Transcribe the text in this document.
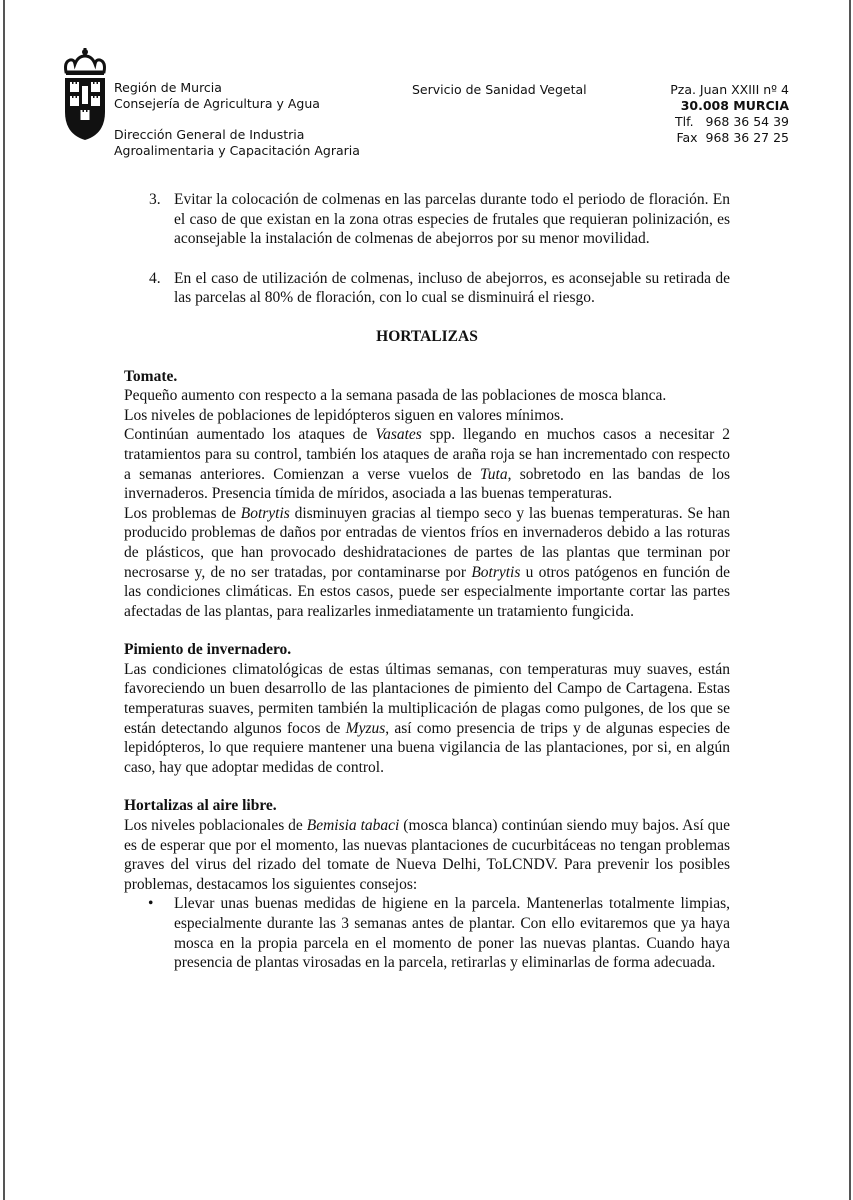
Región de Murcia
Consejería de Agricultura y Agua
Dirección General de Industria
Agroalimentaria y Capacitación Agraria
Servicio de Sanidad Vegetal	Pza. Juan XXIII nº 4
30.008 MURCIA
Tlf.   968 36 54 39
Fax  968 36 27 25
3. Evitar la colocación de colmenas en las parcelas durante todo el periodo de floración. En el caso de que existan en la zona otras especies de frutales que requieran polinización, es aconsejable la instalación de colmenas de abejorros por su menor movilidad.
4. En el caso de utilización de colmenas, incluso de abejorros, es aconsejable su retirada de las parcelas al 80% de floración, con lo cual se disminuirá el riesgo.
HORTALIZAS
Tomate.

Pequeño aumento con respecto a la semana pasada de las poblaciones de mosca blanca.

Los niveles de poblaciones de lepidópteros siguen en valores mínimos.

Continúan aumentado los ataques de Vasates spp. llegando en muchos casos a necesitar 2 tratamientos para su control, también los ataques de araña roja se han incrementado con respecto a semanas anteriores. Comienzan a verse vuelos de Tuta, sobretodo en las bandas de los invernaderos. Presencia tímida de míridos, asociada a las buenas temperaturas.

Los problemas de Botrytis disminuyen gracias al tiempo seco y las buenas temperaturas. Se han producido problemas de daños por entradas de vientos fríos en invernaderos debido a las roturas de plásticos, que han provocado deshidrataciones de partes de las plantas que terminan por necrosarse y, de no ser tratadas, por contaminarse por Botrytis u otros patógenos en función de las condiciones climáticas. En estos casos, puede ser especialmente importante cortar las partes afectadas de las plantas, para realizarles inmediatamente un tratamiento fungicida.

Pimiento de invernadero.

Las condiciones climatológicas de estas últimas semanas, con temperaturas muy suaves, están favoreciendo un buen desarrollo de las plantaciones de pimiento del Campo de Cartagena. Estas temperaturas suaves, permiten también la multiplicación de plagas como pulgones, de los que se están detectando algunos focos de Myzus, así como presencia de trips y de algunas especies de lepidópteros, lo que requiere mantener una buena vigilancia de las plantaciones, por si, en algún caso, hay que adoptar medidas de control.

Hortalizas al aire libre.

Los niveles poblacionales de Bemisia tabaci (mosca blanca) continúan siendo muy bajos. Así que es de esperar que por el momento, las nuevas plantaciones de cucurbitáceas no tengan problemas graves del virus del rizado del tomate de Nueva Delhi, ToLCNDV. Para prevenir los posibles problemas, destacamos los siguientes consejos:

• Llevar unas buenas medidas de higiene en la parcela. Mantenerlas totalmente limpias, especialmente durante las 3 semanas antes de plantar. Con ello evitaremos que ya haya mosca en la propia parcela en el momento de poner las nuevas plantas. Cuando haya presencia de plantas virosadas en la parcela, retirarlas y eliminarlas de forma adecuada.
